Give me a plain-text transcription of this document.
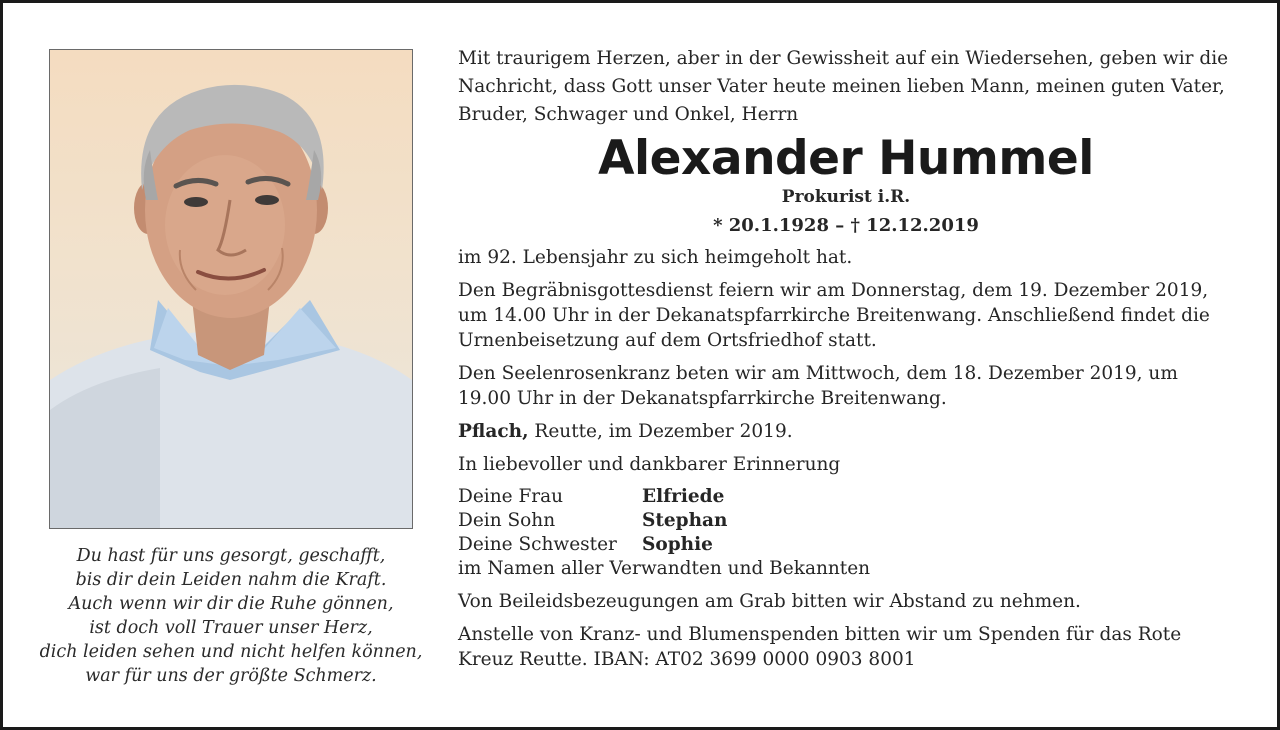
Du hast für uns gesorgt, geschafft,
bis dir dein Leiden nahm die Kraft.
Auch wenn wir dir die Ruhe gönnen,
ist doch voll Trauer unser Herz,
dich leiden sehen und nicht helfen können,
war für uns der größte Schmerz.
Mit traurigem Herzen, aber in der Gewissheit auf ein Wiedersehen, geben wir die
Nachricht, dass Gott unser Vater heute meinen lieben Mann, meinen guten Vater,
Bruder, Schwager und Onkel, Herrn
Alexander Hummel
Prokurist i.R.
* 20.1.1928 – † 12.12.2019
im 92. Lebensjahr zu sich heimgeholt hat.
Den Begräbnisgottesdienst feiern wir am Donnerstag, dem 19. Dezember 2019,
um 14.00 Uhr in der Dekanatspfarrkirche Breitenwang. Anschließend findet die
Urnenbeisetzung auf dem Ortsfriedhof statt.
Den Seelenrosenkranz beten wir am Mittwoch, dem 18. Dezember 2019, um
19.00 Uhr in der Dekanatspfarrkirche Breitenwang.
Pflach, Reutte, im Dezember 2019.
In liebevoller und dankbarer Erinnerung
Deine Frau	Elfriede
Dein Sohn	Stephan
Deine Schwester	Sophie
im Namen aller Verwandten und Bekannten
Von Beileidsbezeugungen am Grab bitten wir Abstand zu nehmen.
Anstelle von Kranz- und Blumenspenden bitten wir um Spenden für das Rote
Kreuz Reutte. IBAN: AT02 3699 0000 0903 8001
